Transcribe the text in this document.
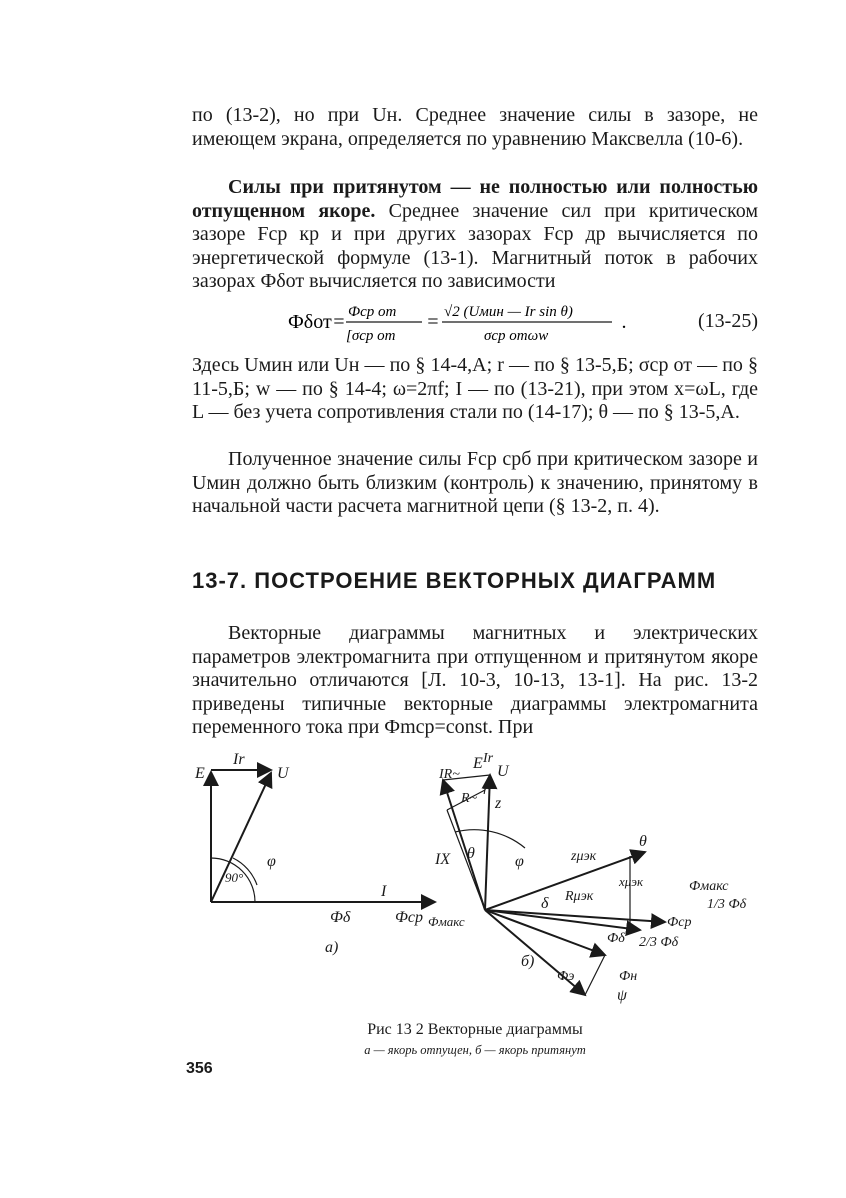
по (13-2), но при Uн. Среднее значение силы в зазоре, не имеющем экрана, определяется по уравнению Максвелла (10-6).

Силы при притянутом — не полностью или полностью отпущенном якоре. Среднее значение сил при критическом зазоре Fср кр и при других зазорах Fср др вычисляется по энергетической формуле (13-1). Магнитный поток в рабочих зазорах Фδот вычисляется по зависимости

Фδот = Фср от
[σср от
= √2 (Uмин — Ir sin θ)
σср отωw
.	(13-25)

Здесь Uмин или Uн — по § 14-4,А; r — по § 13-5,Б; σср от — по § 11-5,Б; w — по § 14-4; ω=2πf; I — по (13-21), при этом x=ωL, где L — без учета сопротивления стали по (14-17); θ — по § 13-5,А.

Полученное значение силы Fср срб при критическом зазоре и Uмин должно быть близким (контроль) к значению, принятому в начальной части расчета магнитной цепи (§ 13-2, п. 4).

13-7. ПОСТРОЕНИЕ ВЕКТОРНЫХ ДИАГРАММ

Векторные диаграммы магнитных и электрических параметров электромагнита при отпущенном и притянутом якоре значительно отличаются [Л. 10-3, 10-13, 13-1]. На рис. 13-2 приведены типичные векторные диаграммы электромагнита переменного тока при Фmср=const. При

Ir
E	U
90°
φ
I
Фδ	Фср Фмакс
а)
IR~
E Ir
U
R~
r
z
IX θ	φ	zμэк
θ
xμэк
δ Rμэк
Фмакс
1/3 Фδ
Фср
2/3 Фδ
Фδ
б)
Фэ	Фн
ψ
Рис 13 2 Векторные диаграммы
а — якорь отпущен, б — якорь притянут
356
